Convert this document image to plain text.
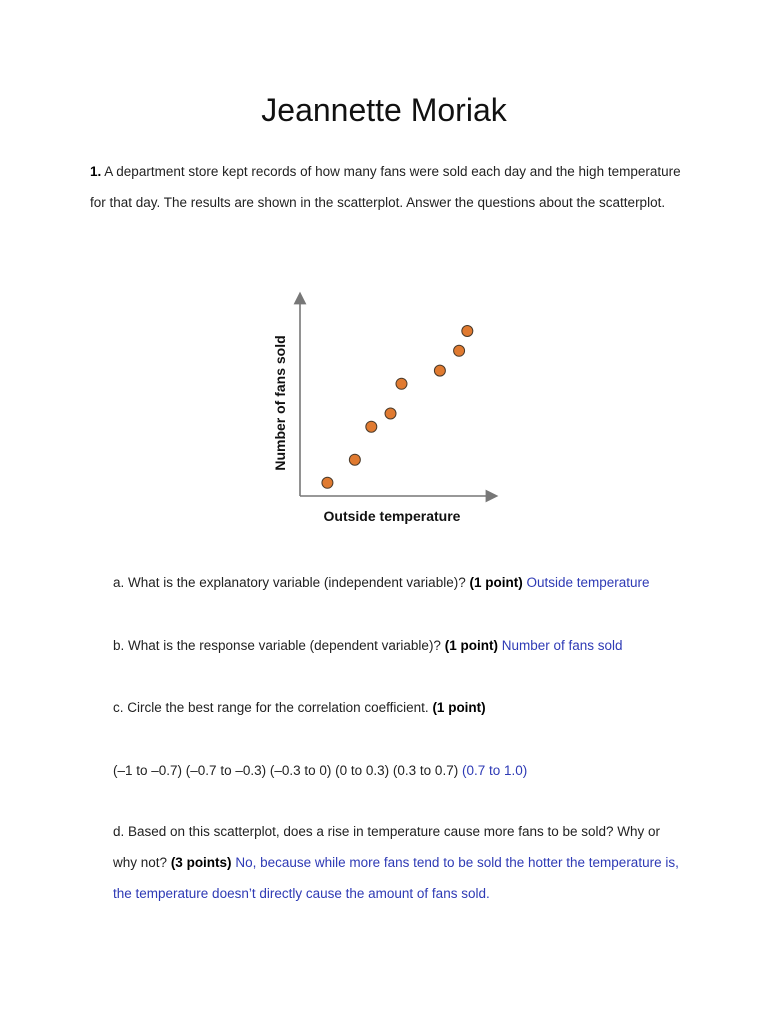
Jeannette Moriak
1. A department store kept records of how many fans were sold each day and the high temperature for that day. The results are shown in the scatterplot. Answer the questions about the scatterplot.
Outside temperature
Number of fans sold
a. What is the explanatory variable (independent variable)? (1 point) Outside temperature
b. What is the response variable (dependent variable)? (1 point) Number of fans sold
c. Circle the best range for the correlation coefficient. (1 point)
(–1 to –0.7) (–0.7 to –0.3) (–0.3 to 0) (0 to 0.3) (0.3 to 0.7) (0.7 to 1.0)
d. Based on this scatterplot, does a rise in temperature cause more fans to be sold? Why or why not? (3 points) No, because while more fans tend to be sold the hotter the temperature is, the temperature doesn’t directly cause the amount of fans sold.
